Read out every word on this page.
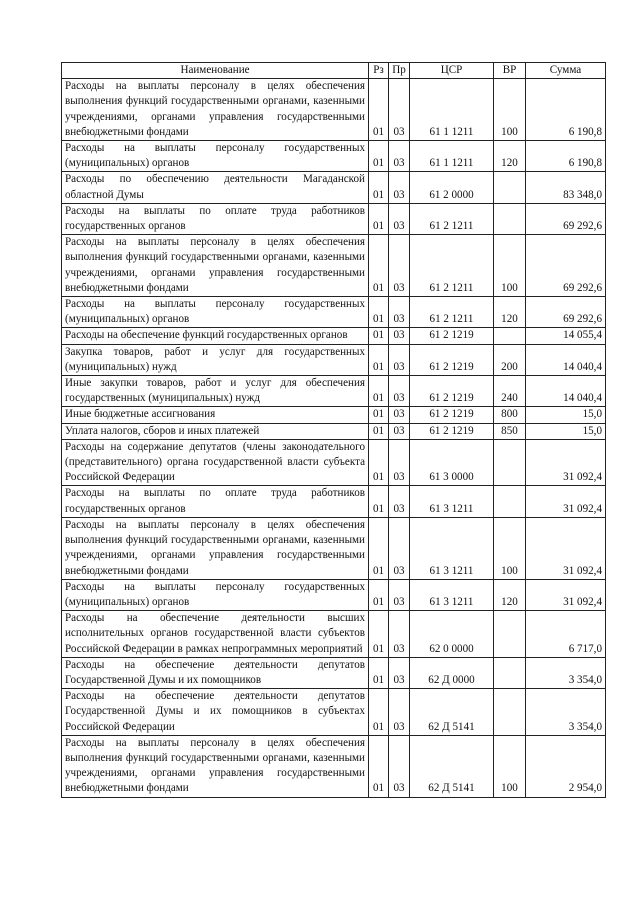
Наименование	Рз	Пр	ЦСР	ВР	Сумма
Расходы на выплаты персоналу в целях обеспечения выполнения функций государственными органами, казенными учреждениями, органами управления государственными внебюджетными фондами	01	03	61 1 1211	100	6 190,8
Расходы на выплаты персоналу государственных (муниципальных) органов	01	03	61 1 1211	120	6 190,8
Расходы по обеспечению деятельности Магаданской областной Думы	01	03	61 2 0000		83 348,0
Расходы на выплаты по оплате труда работников государственных органов	01	03	61 2 1211		69 292,6
Расходы на выплаты персоналу в целях обеспечения выполнения функций государственными органами, казенными учреждениями, органами управления государственными внебюджетными фондами	01	03	61 2 1211	100	69 292,6
Расходы на выплаты персоналу государственных (муниципальных) органов	01	03	61 2 1211	120	69 292,6
Расходы на обеспечение функций государственных органов	01	03	61 2 1219		14 055,4
Закупка товаров, работ и услуг для государственных (муниципальных) нужд	01	03	61 2 1219	200	14 040,4
Иные закупки товаров, работ и услуг для обеспечения государственных (муниципальных) нужд	01	03	61 2 1219	240	14 040,4
Иные бюджетные ассигнования	01	03	61 2 1219	800	15,0
Уплата налогов, сборов и иных платежей	01	03	61 2 1219	850	15,0
Расходы на содержание депутатов (члены законодательного (представительного) органа государственной власти субъекта Российской Федерации	01	03	61 3 0000		31 092,4
Расходы на выплаты по оплате труда работников государственных органов	01	03	61 3 1211		31 092,4
Расходы на выплаты персоналу в целях обеспечения выполнения функций государственными органами, казенными учреждениями, органами управления государственными внебюджетными фондами	01	03	61 3 1211	100	31 092,4
Расходы на выплаты персоналу государственных (муниципальных) органов	01	03	61 3 1211	120	31 092,4
Расходы на обеспечение деятельности высших исполнительных органов государственной власти субъектов Российской Федерации в рамках непрограммных мероприятий	01	03	62 0 0000		6 717,0
Расходы на обеспечение деятельности депутатов Государственной Думы и их помощников	01	03	62 Д 0000		3 354,0
Расходы на обеспечение деятельности депутатов Государственной Думы и их помощников в субъектах Российской Федерации	01	03	62 Д 5141		3 354,0
Расходы на выплаты персоналу в целях обеспечения выполнения функций государственными органами, казенными учреждениями, органами управления государственными внебюджетными фондами	01	03	62 Д 5141	100	2 954,0
